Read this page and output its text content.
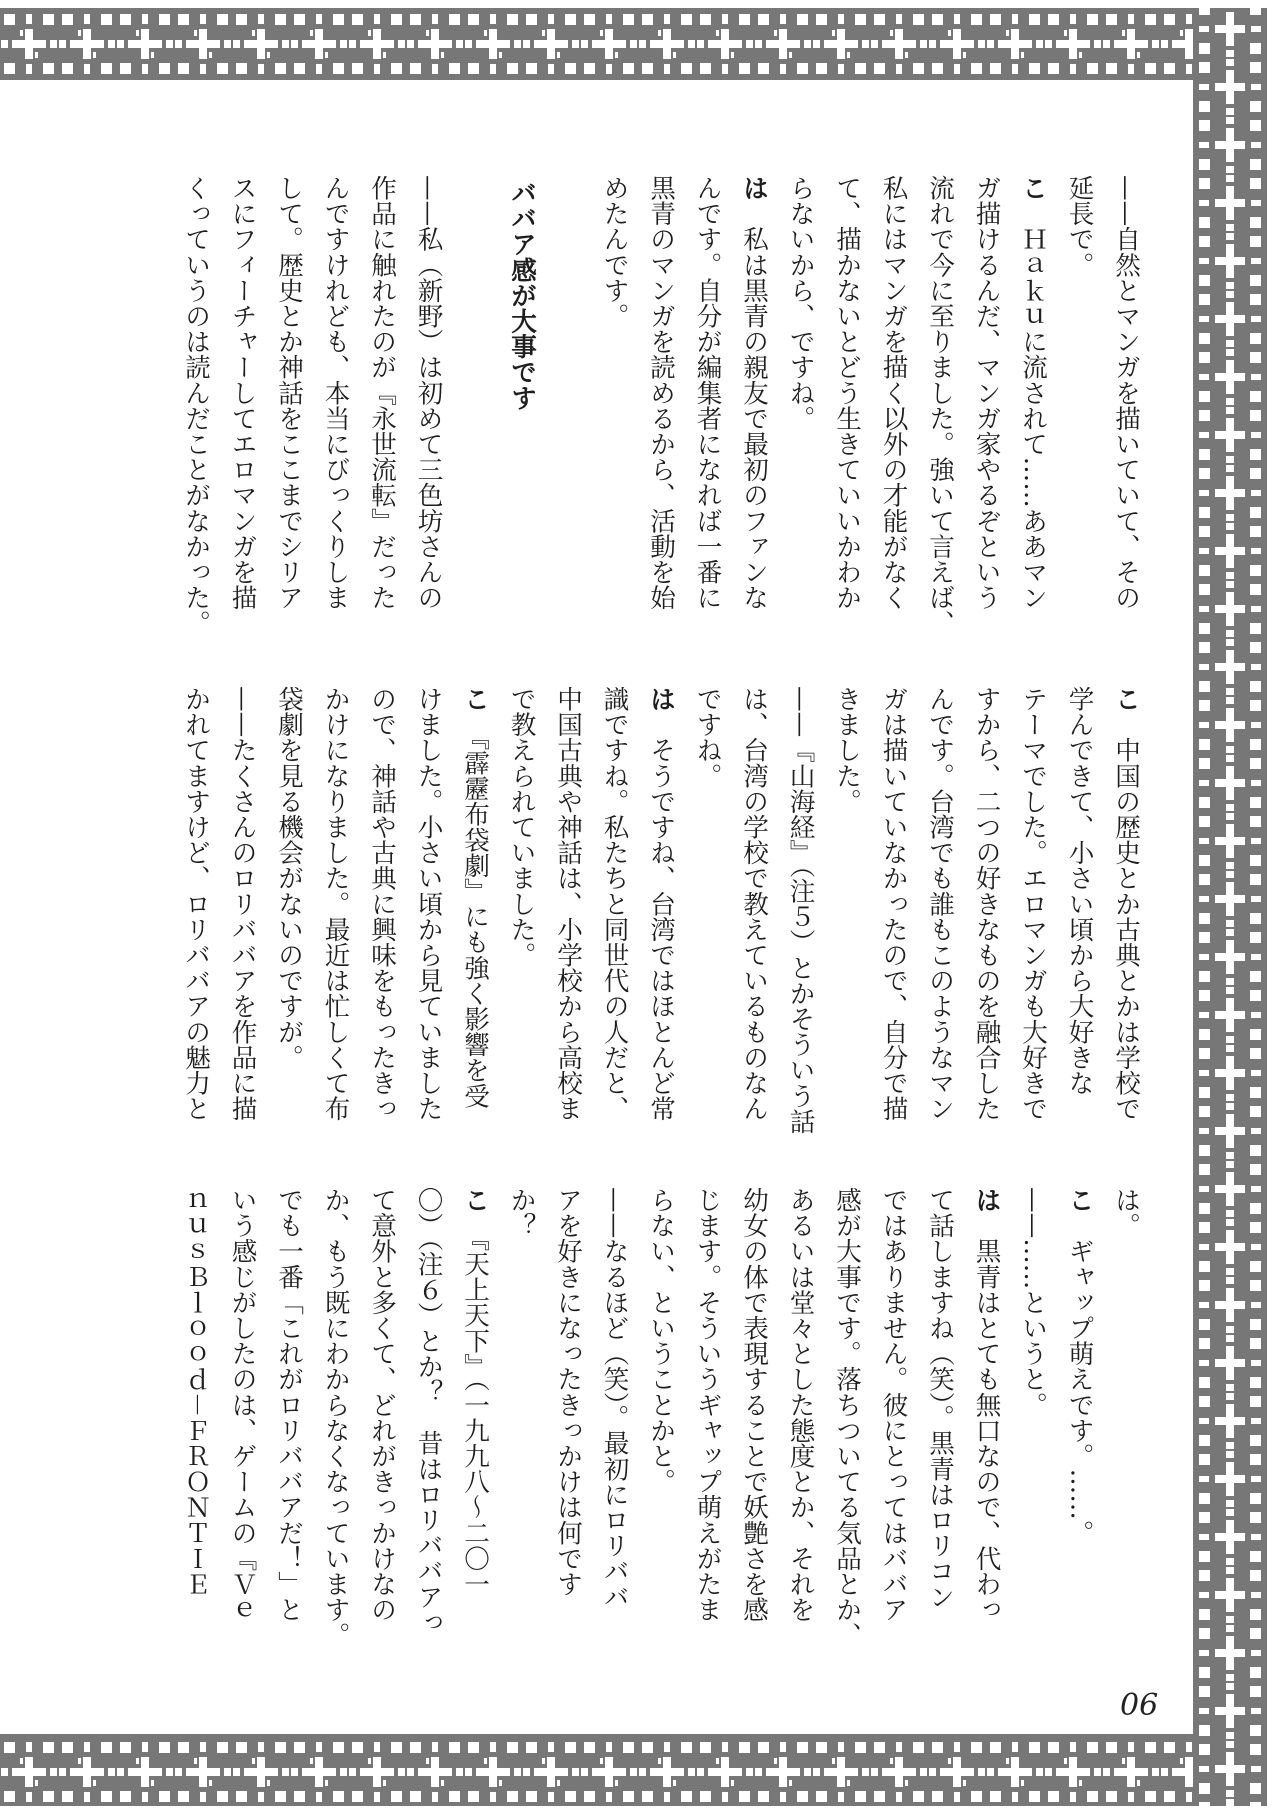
——自然とマンガを描いていて、その
延長で。
こ　Ｈａｋｕに流されて……ああマン
ガ描けるんだ、マンガ家やるぞという
流れで今に至りました。強いて言えば、
私にはマンガを描く以外の才能がなく
て、描かないとどう生きていいかわか
らないから、ですね。
は　私は黒青の親友で最初のファンな
んです。自分が編集者になれば一番に
黒青のマンガを読めるから、活動を始
めたんです。
ババア感が大事です
——私（新野）は初めて三色坊さんの
作品に触れたのが『永世流転』だった
んですけれども、本当にびっくりしま
して。歴史とか神話をここまでシリア
スにフィーチャーしてエロマンガを描
くっていうのは読んだことがなかった。
こ　中国の歴史とか古典とかは学校で
学んできて、小さい頃から大好きな
テーマでした。エロマンガも大好きで
すから、二つの好きなものを融合した
んです。台湾でも誰もこのようなマン
ガは描いていなかったので、自分で描
きました。
——『山海経』（注５）とかそういう話
は、台湾の学校で教えているものなん
ですね。
は　そうですね、台湾ではほとんど常
識ですね。私たちと同世代の人だと、
中国古典や神話は、小学校から高校ま
で教えられていました。
こ　『霹靂布袋劇』にも強く影響を受
けました。小さい頃から見ていました
ので、神話や古典に興味をもったきっ
かけになりました。最近は忙しくて布
袋劇を見る機会がないのですが。
——たくさんのロリババアを作品に描
かれてますけど、ロリババアの魅力と
は。
こ　ギャップ萌えです。……。
——……というと。
は　黒青はとても無口なので、代わっ
て話しますね（笑）。黒青はロリコン
ではありません。彼にとってはババア
感が大事です。落ちついてる気品とか、
あるいは堂々とした態度とか、それを
幼女の体で表現することで妖艶さを感
じます。そういうギャップ萌えがたま
らない、ということかと。
——なるほど（笑）。最初にロリババ
アを好きになったきっかけは何です
か？
こ　『天上天下』（一九九八～二〇一
〇）（注６）とか？　昔はロリババアっ
て意外と多くて、どれがきっかけなの
か、もう既にわからなくなっています。
でも一番「これがロリババアだ！」と
いう感じがしたのは、ゲームの『Ｖｅ
ｎｕｓＢｌｏｏｄ－ＦＲＯＮＴＩＥ
06
